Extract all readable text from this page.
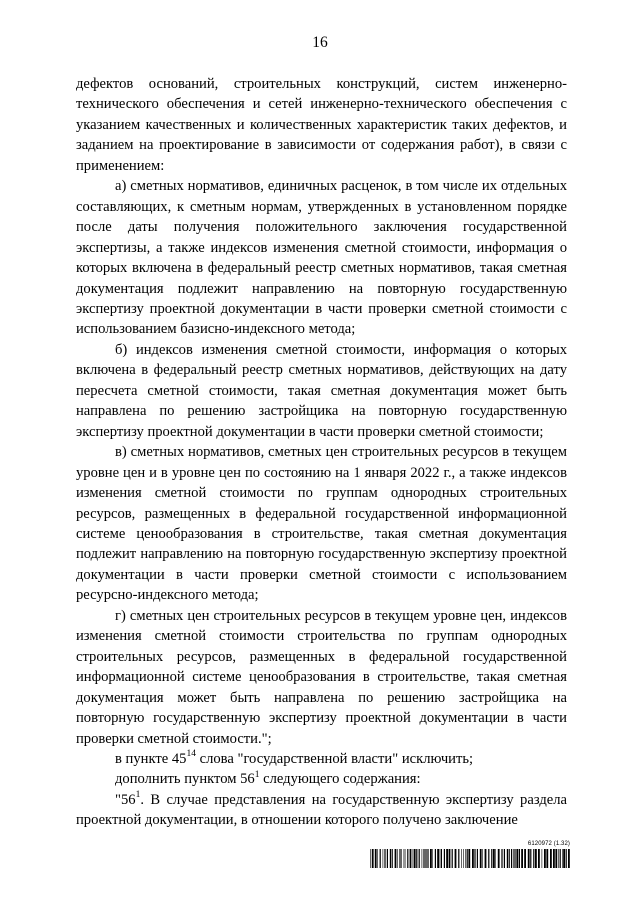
16

дефектов оснований, строительных конструкций, систем инженерно-технического обеспечения и сетей инженерно-технического обеспечения с указанием качественных и количественных характеристик таких дефектов, и заданием на проектирование в зависимости от содержания работ), в связи с применением:

а) сметных нормативов, единичных расценок, в том числе их отдельных составляющих, к сметным нормам, утвержденных в установленном порядке после даты получения положительного заключения государственной экспертизы, а также индексов изменения сметной стоимости, информация о которых включена в федеральный реестр сметных нормативов, такая сметная документация подлежит направлению на повторную государственную экспертизу проектной документации в части проверки сметной стоимости с использованием базисно-индексного метода;

б) индексов изменения сметной стоимости, информация о которых включена в федеральный реестр сметных нормативов, действующих на дату пересчета сметной стоимости, такая сметная документация может быть направлена по решению застройщика на повторную государственную экспертизу проектной документации в части проверки сметной стоимости;

в) сметных нормативов, сметных цен строительных ресурсов в текущем уровне цен и в уровне цен по состоянию на 1 января 2022 г., а также индексов изменения сметной стоимости по группам однородных строительных ресурсов, размещенных в федеральной государственной информационной системе ценообразования в строительстве, такая сметная документация подлежит направлению на повторную государственную экспертизу проектной документации в части проверки сметной стоимости с использованием ресурсно-индексного метода;

г) сметных цен строительных ресурсов в текущем уровне цен, индексов изменения сметной стоимости строительства по группам однородных строительных ресурсов, размещенных в федеральной государственной информационной системе ценообразования в строительстве, такая сметная документация может быть направлена по решению застройщика на повторную государственную экспертизу проектной документации в части проверки сметной стоимости.";

в пункте $45^{14}$ слова "государственной власти" исключить;

дополнить пунктом $56^1$ следующего содержания:

"$56^1$. В случае представления на государственную экспертизу раздела проектной документации, в отношении которого получено заключение

6120972 (1.32)
